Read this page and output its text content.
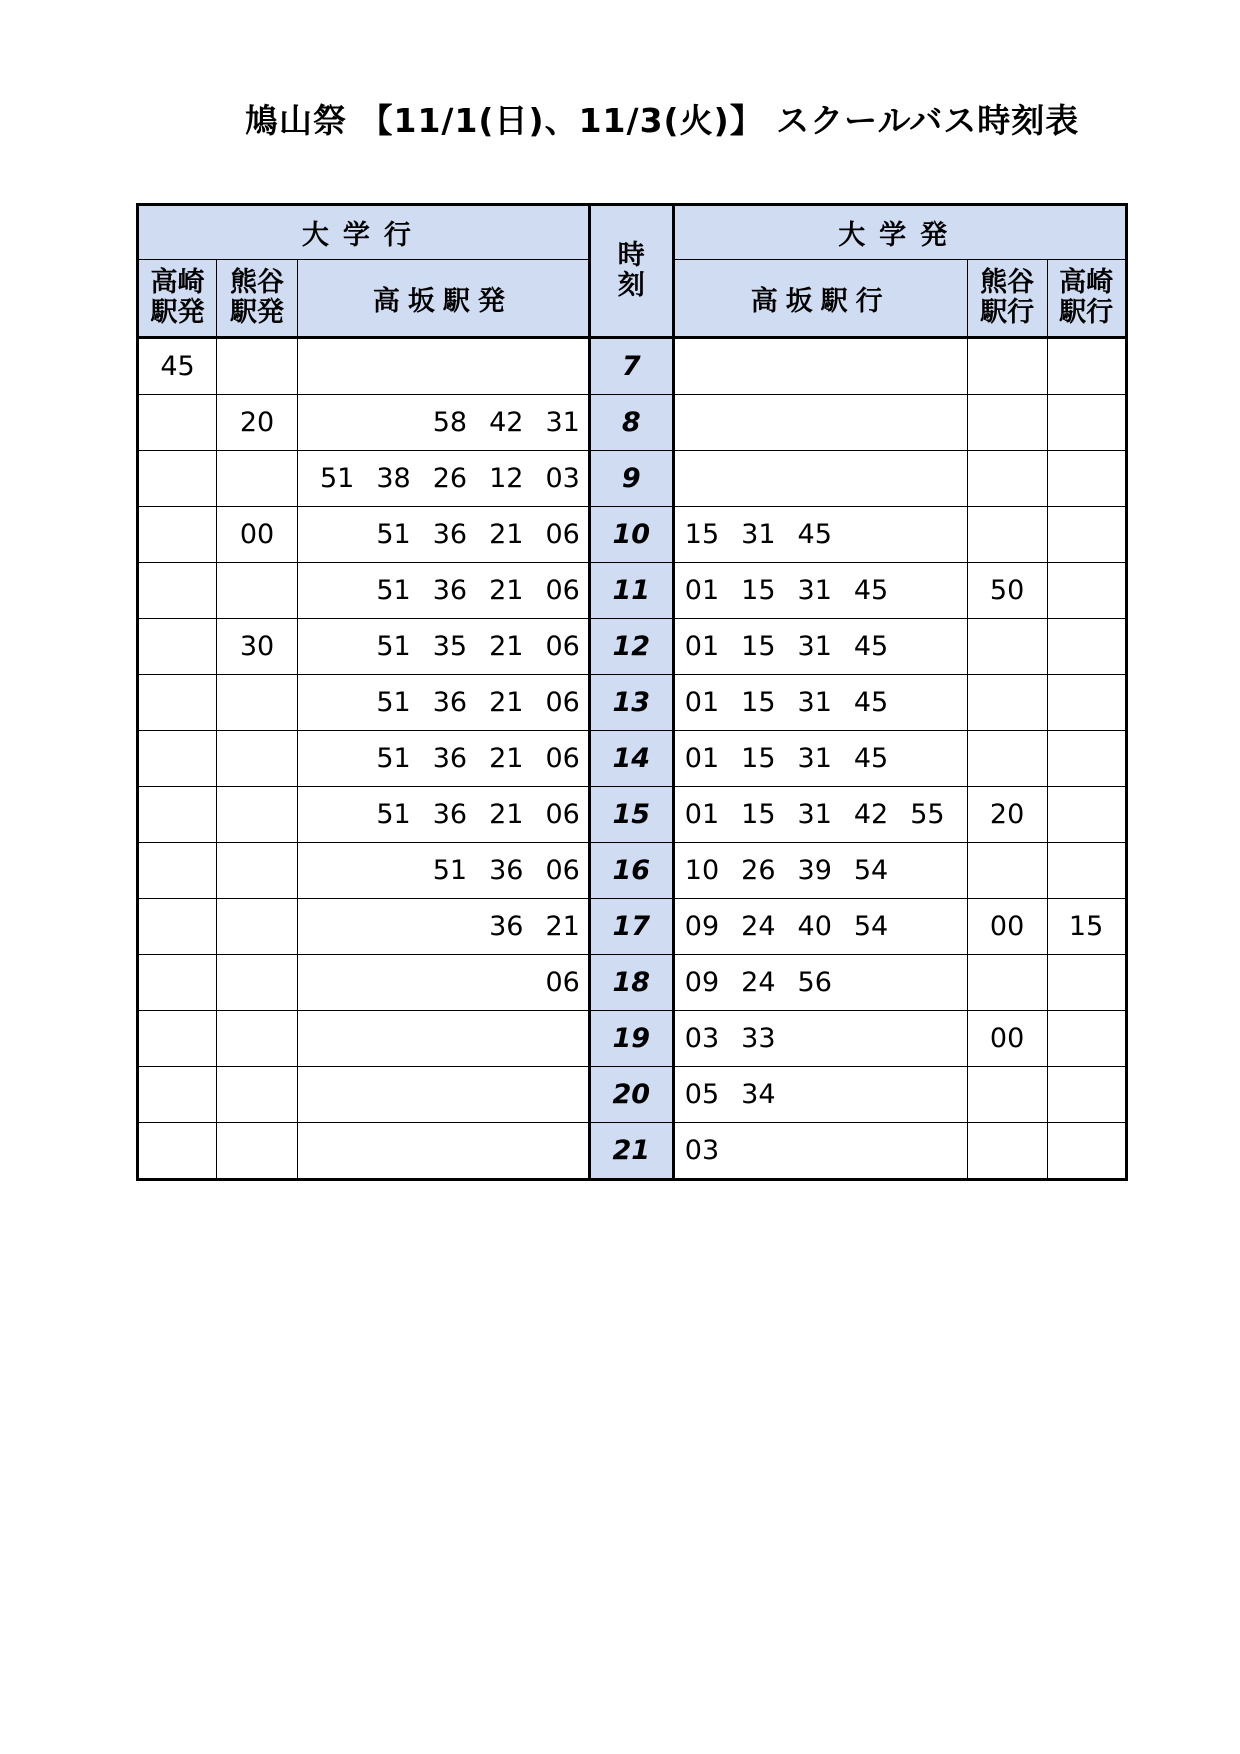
鳩山祭 【11/1(日)、11/3(火)】 スクールバス時刻表
大学行			時刻	大学発		
高崎駅発	熊谷駅発	高坂駅発		高坂駅行	熊谷駅行	高崎駅行
45			7			
	20	58 42 31	8			
		51 38 26 12 03	9			
	00	51 36 21 06	10	15 31 45		
		51 36 21 06	11	01 15 31 45	50	
	30	51 35 21 06	12	01 15 31 45		
		51 36 21 06	13	01 15 31 45		
		51 36 21 06	14	01 15 31 45		
		51 36 21 06	15	01 15 31 42 55	20	
		51 36 06	16	10 26 39 54		
		36 21	17	09 24 40 54	00	15
		06	18	09 24 56		
			19	03 33	00	
			20	05 34		
			21	03		
